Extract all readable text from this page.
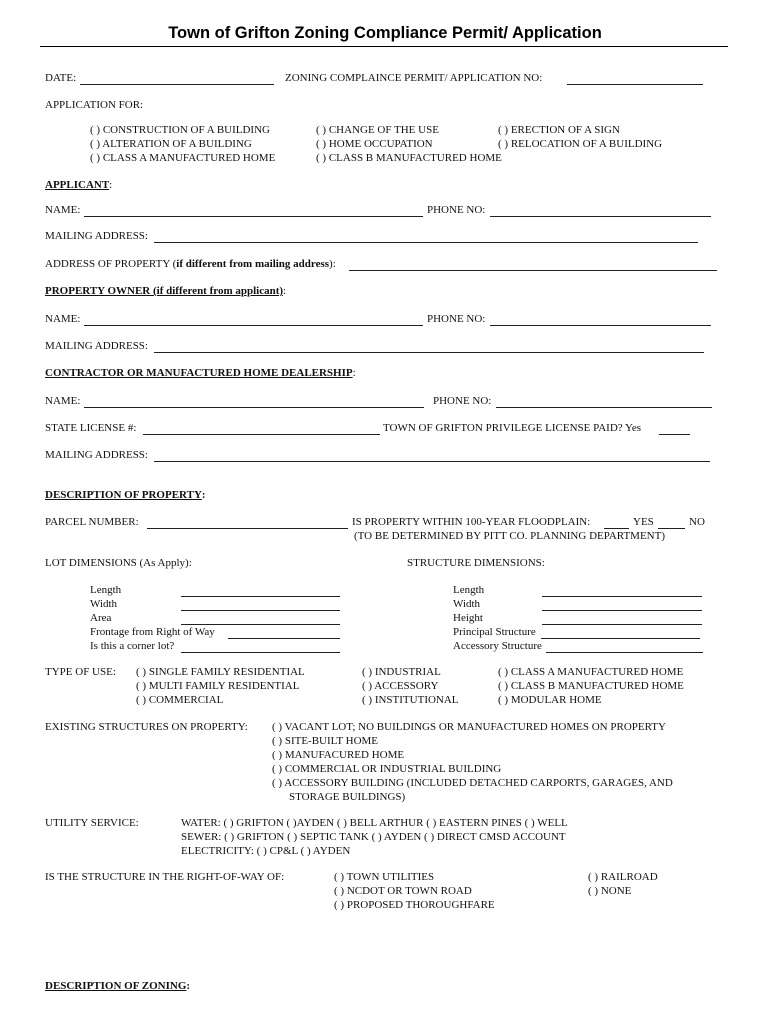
Town of Grifton Zoning Compliance Permit/ Application
DATE:	ZONING COMPLAINCE PERMIT/ APPLICATION NO:
APPLICATION FOR:
( ) CONSTRUCTION OF A BUILDING
( ) ALTERATION OF A BUILDING
( ) CLASS A MANUFACTURED HOME
( ) CHANGE OF THE USE
( ) HOME OCCUPATION
( ) CLASS B MANUFACTURED HOME
( ) ERECTION OF A SIGN
( ) RELOCATION OF A BUILDING
APPLICANT:
NAME:	PHONE NO:
MAILING ADDRESS:
ADDRESS OF PROPERTY (if different from mailing address):
PROPERTY OWNER (if different from applicant):
NAME:	PHONE NO:
MAILING ADDRESS:
CONTRACTOR OR MANUFACTURED HOME DEALERSHIP:
NAME:	PHONE NO:
STATE LICENSE #:	TOWN OF GRIFTON PRIVILEGE LICENSE PAID? Yes
MAILING ADDRESS:
DESCRIPTION OF PROPERTY:
PARCEL NUMBER:	IS PROPERTY WITHIN 100-YEAR FLOODPLAIN:	YES	NO
(TO BE DETERMINED BY PITT CO. PLANNING DEPARTMENT)
LOT DIMENSIONS (As Apply):	STRUCTURE DIMENSIONS:
Length
Width
Area
Frontage from Right of Way
Is this a corner lot?
Length
Width
Height
Principal Structure
Accessory Structure
TYPE OF USE: ( ) SINGLE FAMILY RESIDENTIAL
( ) MULTI FAMILY RESIDENTIAL
( ) COMMERCIAL
( ) INDUSTRIAL
( ) ACCESSORY
( ) INSTITUTIONAL
( ) CLASS A MANUFACTURED HOME
( ) CLASS B MANUFACTURED HOME
( ) MODULAR HOME
EXISTING STRUCTURES ON PROPERTY: ( ) VACANT LOT; NO BUILDINGS OR MANUFACTURED HOMES ON PROPERTY
( ) SITE-BUILT HOME
( ) MANUFACURED HOME
( ) COMMERCIAL OR INDUSTRIAL BUILDING
( ) ACCESSORY BUILDING (INCLUDED DETACHED CARPORTS, GARAGES, AND
STORAGE BUILDINGS)
UTILITY SERVICE:	WATER: ( ) GRIFTON ( )AYDEN ( ) BELL ARTHUR ( ) EASTERN PINES ( ) WELL
SEWER: ( ) GRIFTON ( ) SEPTIC TANK ( ) AYDEN ( ) DIRECT CMSD ACCOUNT
ELECTRICITY: ( ) CP&L ( ) AYDEN
IS THE STRUCTURE IN THE RIGHT-OF-WAY OF:	( ) TOWN UTILITIES
( ) NCDOT OR TOWN ROAD
( ) PROPOSED THOROUGHFARE
( ) RAILROAD
( ) NONE
DESCRIPTION OF ZONING:
